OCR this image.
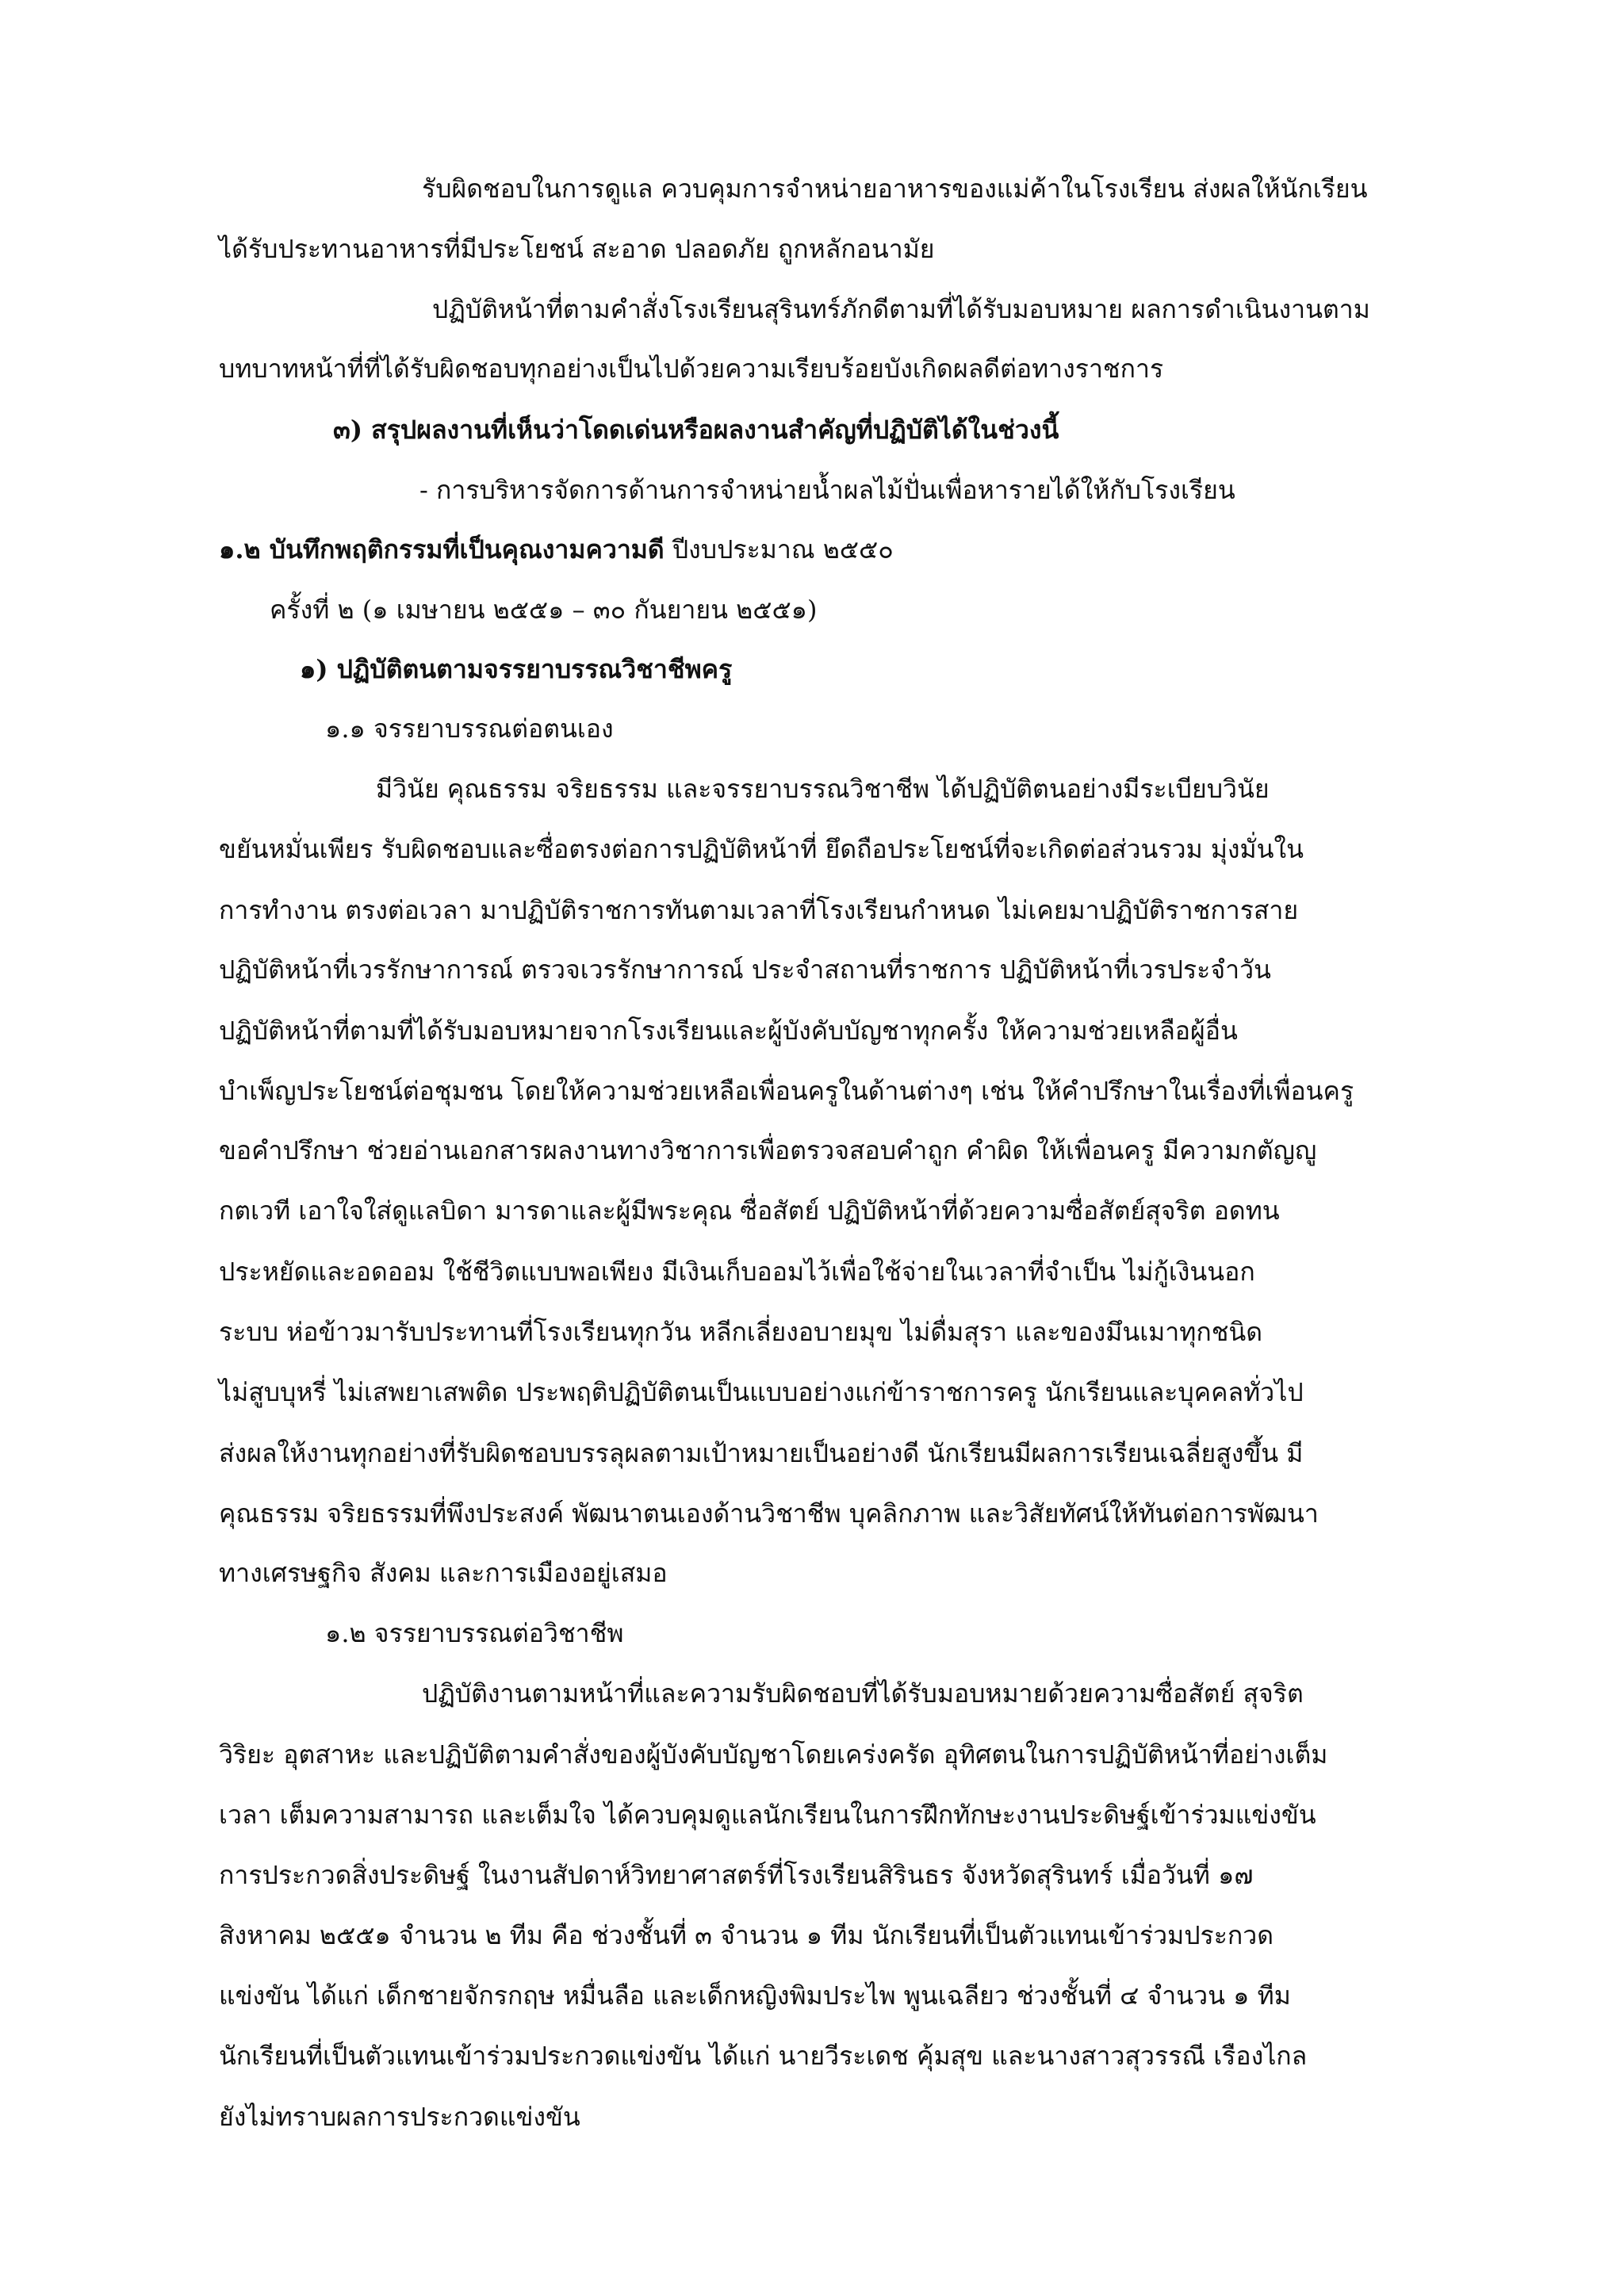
รับผิดชอบในการดูแล ควบคุมการจำหน่ายอาหารของแม่ค้าในโรงเรียน ส่งผลให้นักเรียน
ได้รับประทานอาหารที่มีประโยชน์ สะอาด ปลอดภัย ถูกหลักอนามัย
ปฏิบัติหน้าที่ตามคำสั่งโรงเรียนสุรินทร์ภักดีตามที่ได้รับมอบหมาย ผลการดำเนินงานตาม
บทบาทหน้าที่ที่ได้รับผิดชอบทุกอย่างเป็นไปด้วยความเรียบร้อยบังเกิดผลดีต่อทางราชการ
๓) สรุปผลงานที่เห็นว่าโดดเด่นหรือผลงานสำคัญที่ปฏิบัติได้ในช่วงนี้
- การบริหารจัดการด้านการจำหน่ายน้ำผลไม้ปั่นเพื่อหารายได้ให้กับโรงเรียน
๑.๒ บันทึกพฤติกรรมที่เป็นคุณงามความดี ปีงบประมาณ ๒๕๕๐
ครั้งที่ ๒ (๑ เมษายน ๒๕๕๑ – ๓๐ กันยายน ๒๕๕๑)
๑) ปฏิบัติตนตามจรรยาบรรณวิชาชีพครู
๑.๑ จรรยาบรรณต่อตนเอง
มีวินัย คุณธรรม จริยธรรม และจรรยาบรรณวิชาชีพ ได้ปฏิบัติตนอย่างมีระเบียบวินัย
ขยันหมั่นเพียร รับผิดชอบและซื่อตรงต่อการปฏิบัติหน้าที่ ยึดถือประโยชน์ที่จะเกิดต่อส่วนรวม มุ่งมั่นใน
การทำงาน ตรงต่อเวลา มาปฏิบัติราชการทันตามเวลาที่โรงเรียนกำหนด ไม่เคยมาปฏิบัติราชการสาย
ปฏิบัติหน้าที่เวรรักษาการณ์ ตรวจเวรรักษาการณ์ ประจำสถานที่ราชการ ปฏิบัติหน้าที่เวรประจำวัน
ปฏิบัติหน้าที่ตามที่ได้รับมอบหมายจากโรงเรียนและผู้บังคับบัญชาทุกครั้ง ให้ความช่วยเหลือผู้อื่น
บำเพ็ญประโยชน์ต่อชุมชน โดยให้ความช่วยเหลือเพื่อนครูในด้านต่างๆ เช่น ให้คำปรึกษาในเรื่องที่เพื่อนครู
ขอคำปรึกษา ช่วยอ่านเอกสารผลงานทางวิชาการเพื่อตรวจสอบคำถูก คำผิด ให้เพื่อนครู มีความกตัญญู
กตเวที เอาใจใส่ดูแลบิดา มารดาและผู้มีพระคุณ ซื่อสัตย์ ปฏิบัติหน้าที่ด้วยความซื่อสัตย์สุจริต อดทน
ประหยัดและอดออม ใช้ชีวิตแบบพอเพียง มีเงินเก็บออมไว้เพื่อใช้จ่ายในเวลาที่จำเป็น ไม่กู้เงินนอก
ระบบ ห่อข้าวมารับประทานที่โรงเรียนทุกวัน หลีกเลี่ยงอบายมุข ไม่ดื่มสุรา และของมึนเมาทุกชนิด
ไม่สูบบุหรี่ ไม่เสพยาเสพติด ประพฤติปฏิบัติตนเป็นแบบอย่างแก่ข้าราชการครู นักเรียนและบุคคลทั่วไป
ส่งผลให้งานทุกอย่างที่รับผิดชอบบรรลุผลตามเป้าหมายเป็นอย่างดี นักเรียนมีผลการเรียนเฉลี่ยสูงขึ้น มี
คุณธรรม จริยธรรมที่พึงประสงค์ พัฒนาตนเองด้านวิชาชีพ บุคลิกภาพ และวิสัยทัศน์ให้ทันต่อการพัฒนา
ทางเศรษฐกิจ สังคม และการเมืองอยู่เสมอ
๑.๒ จรรยาบรรณต่อวิชาชีพ
ปฏิบัติงานตามหน้าที่และความรับผิดชอบที่ได้รับมอบหมายด้วยความซื่อสัตย์ สุจริต
วิริยะ อุตสาหะ และปฏิบัติตามคำสั่งของผู้บังคับบัญชาโดยเคร่งครัด อุทิศตนในการปฏิบัติหน้าที่อย่างเต็ม
เวลา เต็มความสามารถ และเต็มใจ ได้ควบคุมดูแลนักเรียนในการฝึกทักษะงานประดิษฐ์เข้าร่วมแข่งขัน
การประกวดสิ่งประดิษฐ์ ในงานสัปดาห์วิทยาศาสตร์ที่โรงเรียนสิรินธร จังหวัดสุรินทร์ เมื่อวันที่ ๑๗
สิงหาคม ๒๕๕๑ จำนวน ๒ ทีม คือ ช่วงชั้นที่ ๓ จำนวน ๑ ทีม นักเรียนที่เป็นตัวแทนเข้าร่วมประกวด
แข่งขัน ได้แก่ เด็กชายจักรกฤษ หมื่นลือ และเด็กหญิงพิมประไพ พูนเฉลียว ช่วงชั้นที่ ๔ จำนวน ๑ ทีม
นักเรียนที่เป็นตัวแทนเข้าร่วมประกวดแข่งขัน ได้แก่ นายวีระเดช คุ้มสุข และนางสาวสุวรรณี เรืองไกล
ยังไม่ทราบผลการประกวดแข่งขัน
